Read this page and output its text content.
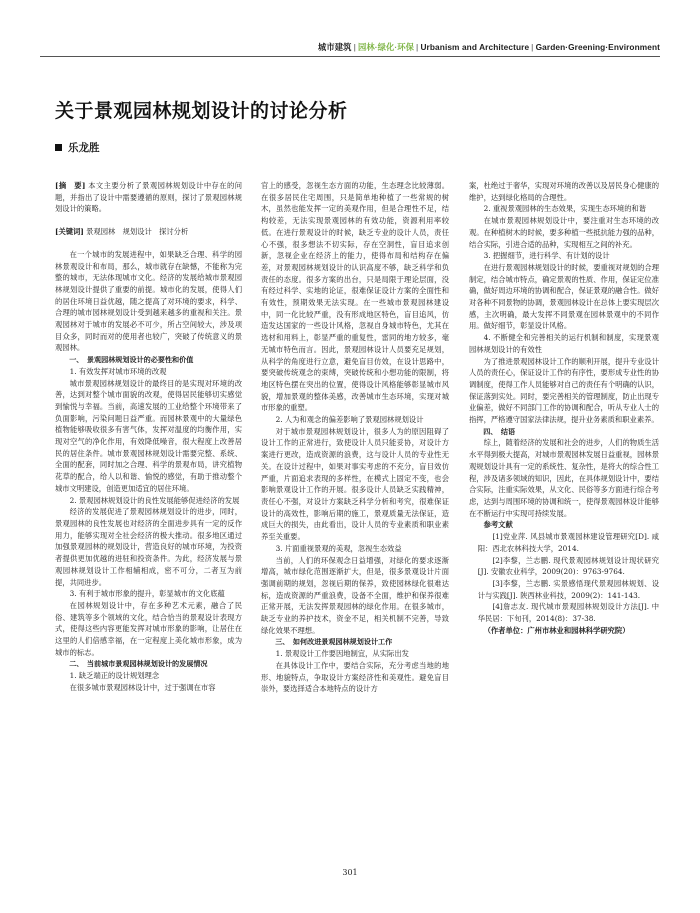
城市建筑 | 园林·绿化·环保 | Urbanism and Architecture | Garden·Greening·Environment
关于景观园林规划设计的讨论分析
乐龙胜

[摘　要] 本文主要分析了景观园林规划设计中存在的问题，并指出了设计中需要遵循的原则，探讨了景观园林规划设计的策略。

[关键词] 景观园林　规划设计　探讨分析

在一个城市的发展进程中，如果缺乏合理、科学的园林景观设计和布局，那么，城市就存在缺憾，不能称为完整的城市，无法体现城市文化。经济的发展给城市景观园林规划设计提供了重要的前提。城市化的发展，使得人们的居住环境日益优越，随之提高了对环境的要求，科学、合理的城市园林规划设计受到越来越多的重视和关注。景观园林对于城市的发展必不可少，所占空间较大，涉及项目众多，同时而对的使用者也较广，突破了传统意义的景观园林。

一、　景观园林规划设计的必要性和价值

1. 有效发挥对城市环境的改观

城市景观园林规划设计的最终目的是实现对环境的改善，达到对整个城市面貌的改观，使得居民能够切实感觉到愉悦与幸福。当前，高速发展的工业给整个环境带来了负面影响，污染问题日益严重。而园林景观中的大量绿色植物能够吸收很多有害气体，发挥对温度的均衡作用，实现对空气的净化作用，有效降低噪音，很大程度上改善居民的居住条件。城市景观园林规划设计需要完整、系统、全面的配套，同时加之合理、科学的景观布局，讲究植物花草的配合，给人以和谐、愉悦的感觉，有助于推动整个城市文明建设，创造更加适宜的居住环境。

2. 景观园林规划设计的良性发展能够促进经济的发展

经济的发展促进了景观园林规划设计的进步，同时，景观园林的良性发展也对经济的全面进步具有一定的反作用力，能够实现对全社会经济的极大推动。很多地区通过加强景观园林的规划设计，营造良好的城市环境，为投资者提供更加优越的进驻和投资条件。为此，经济发展与景观园林规划设计工作相辅相成，密不可分，二者互为前提，共同进步。

3. 有利于城市形象的提升，彰显城市的文化底蕴

在园林规划设计中，存在多种艺术元素，融合了民俗、建筑等多个领域的文化，结合恰当的景观设计表现方式，使得这些内容更能发挥对城市形象的影响，让居住在这里的人们倍感幸福，在一定程度上美化城市形象，成为城市的标志。

二、　当前城市景观园林规划设计的发展情况

1. 缺乏端正的设计规划理念

在很多城市景观园林设计中，过于强调在市容

官上的感受，忽视生态方面的功能，生态理念比较薄弱。在很多居民住宅周围，只是简单地种植了一些常规的树木，虽然也能发挥一定的美观作用，但是合理性不足，结构较差，无法实现景观园林的有效功能，资源利用率较低。在进行景观设计的时候，缺乏专业的设计人员，责任心不强，很多想法不切实际，存在空洞性，盲目追求创新，忽视企业在经济上的能力，使得布局和结构存在偏差，对景观园林规划设计的认识高度不够，缺乏科学和负责任的态度。很多方案的出台，只是局限于理论层面，没有经过科学、实地的论证，很难保证设计方案的全面性和有效性，预期效果无法实现。在一些城市景观园林建设中，同一化比较严重，没有形成地区特色，盲目追风，仿造发达国家的一些设计风格，忽视自身城市特色，尤其在选材和用料上，彰显严重的重复性，雷同的地方较多，毫无城市特色而言。因此，景观园林设计人员要充足规划，从科学的角度进行立意，避免盲目仿效，在设计思路中，要突破传统观念的束缚，突破传统和小想功能的限制，将地区特色摆在突出的位置，使得设计风格能够彰显城市风貌，增加景观的整体美感，改善城市生态环境，实现对城市形象的重塑。

2. 人为和观念的偏差影响了景观园林规划设计

对于城市景观园林规划设计，很多人为的原因阻碍了设计工作的正常进行，致使设计人员只能妥协，对设计方案进行更改，造成资源的浪费，这与设计人员的专业性无关。在设计过程中，如果对事实考虑的不充分，盲目效仿严重，片面追求表现的多样性，在模式上固定不变，也会影响景观设计工作的开展。很多设计人员缺乏实践精神，责任心不强，对设计方案缺乏科学分析和考究，很难保证设计的高效性，影响后期的施工，景观质量无法保证，造成巨大的损失，由此看出，设计人员的专业素质和职业素养至关重要。

3. 片面重视景观的美观，忽视生态效益

当前，人们的环保观念日益增强，对绿化的要求逐渐增高，城市绿化范围逐渐扩大，但是，很多景观设计片面强调前期的规划，忽视后期的保养，致使园林绿化很难达标，造成资源的严重浪费，设备不全面，维护和保养很难正常开展，无法发挥景观园林的绿化作用。在很多城市，缺乏专业的养护技术，资金不足，相关机制不完善，导致绿化效果不理想。

三、　如何改进景观园林规划设计工作

1. 景观设计工作要因地制宜，从实际出发

在具体设计工作中，要结合实际，充分考虑当地的地形、地貌特点，争取设计方案经济性和美观性。避免盲目崇外，要选择适合本地特点的设计方

案，杜绝过于奢华，实现对环境的改善以及居民身心健康的维护，达到绿化格局的合理性。

2. 重视景观园林的生态效果，实现生态环境的和谐

在城市景观园林规划设计中，要注重对生态环境的改观。在种植树木的时候，要多种植一些抵抗能力强的品种，结合实际，引进合适的品种，实现相互之间的补充。

3. 把握细节，进行科学、有计划的设计

在进行景观园林规划设计的时候，要重视对规划的合理制定，结合城市特点，确定景观的性质、作用，保证定位准确，做好周边环境的协调和配合，保证景观的融合性。做好对各种不同景物的协调，景观园林设计在总体上要实现层次感，主次明确，最大发挥不同景观在园林景观中的不同作用。做好细节，彰显设计风格。

4. 不断健全和完善相关的运行机制和制度，实现景观园林规划设计的有效性

为了推进景观园林设计工作的顺利开展，提升专业设计人员的责任心，保证设计工作的有序性，要形成专业性的协调制度，使得工作人员能够对自己的责任有个明确的认识，保证落到实处。同时，要完善相关的管理制度，防止出现专业偏差，做好不同部门工作的协调和配合，听从专业人士的指挥，严格遵守国家法律法规，提升业务素质和职业素养。

四、　结语

综上，随着经济的发展和社会的进步，人们的物质生活水平得到极大提高，对城市景观园林发展日益重视，园林景观规划设计具有一定的系统性、复杂性，是将大的综合性工程，涉及诸多领域的知识，因此，在具体规划设计中，要结合实际，注重实际效果，从文化、民俗等多方面进行综合考虑，达到与周围环境的协调和统一，使得景观园林设计能够在不断运行中实现可持续发展。

参考文献

[1]党业萍. 风县城市景观园林建设管理研究[D]. 咸阳：西北农林科技大学，2014.

[2]李黎，兰志鹏. 现代景观园林规划设计现状研究[J]. 安徽农业科学，2009(20)：9763-9764.

[3]李黎，兰志鹏. 实景感悟现代景观园林规划、设计与实践[J]. 陕西林业科技，2009(2)：141-143.

[4]詹志友. 现代城市景观园林规划设计方法[J]. 中华民居：下旬刊，2014(8)：37-38.

（作者单位：广州市林业和园林科学研究院）

301
